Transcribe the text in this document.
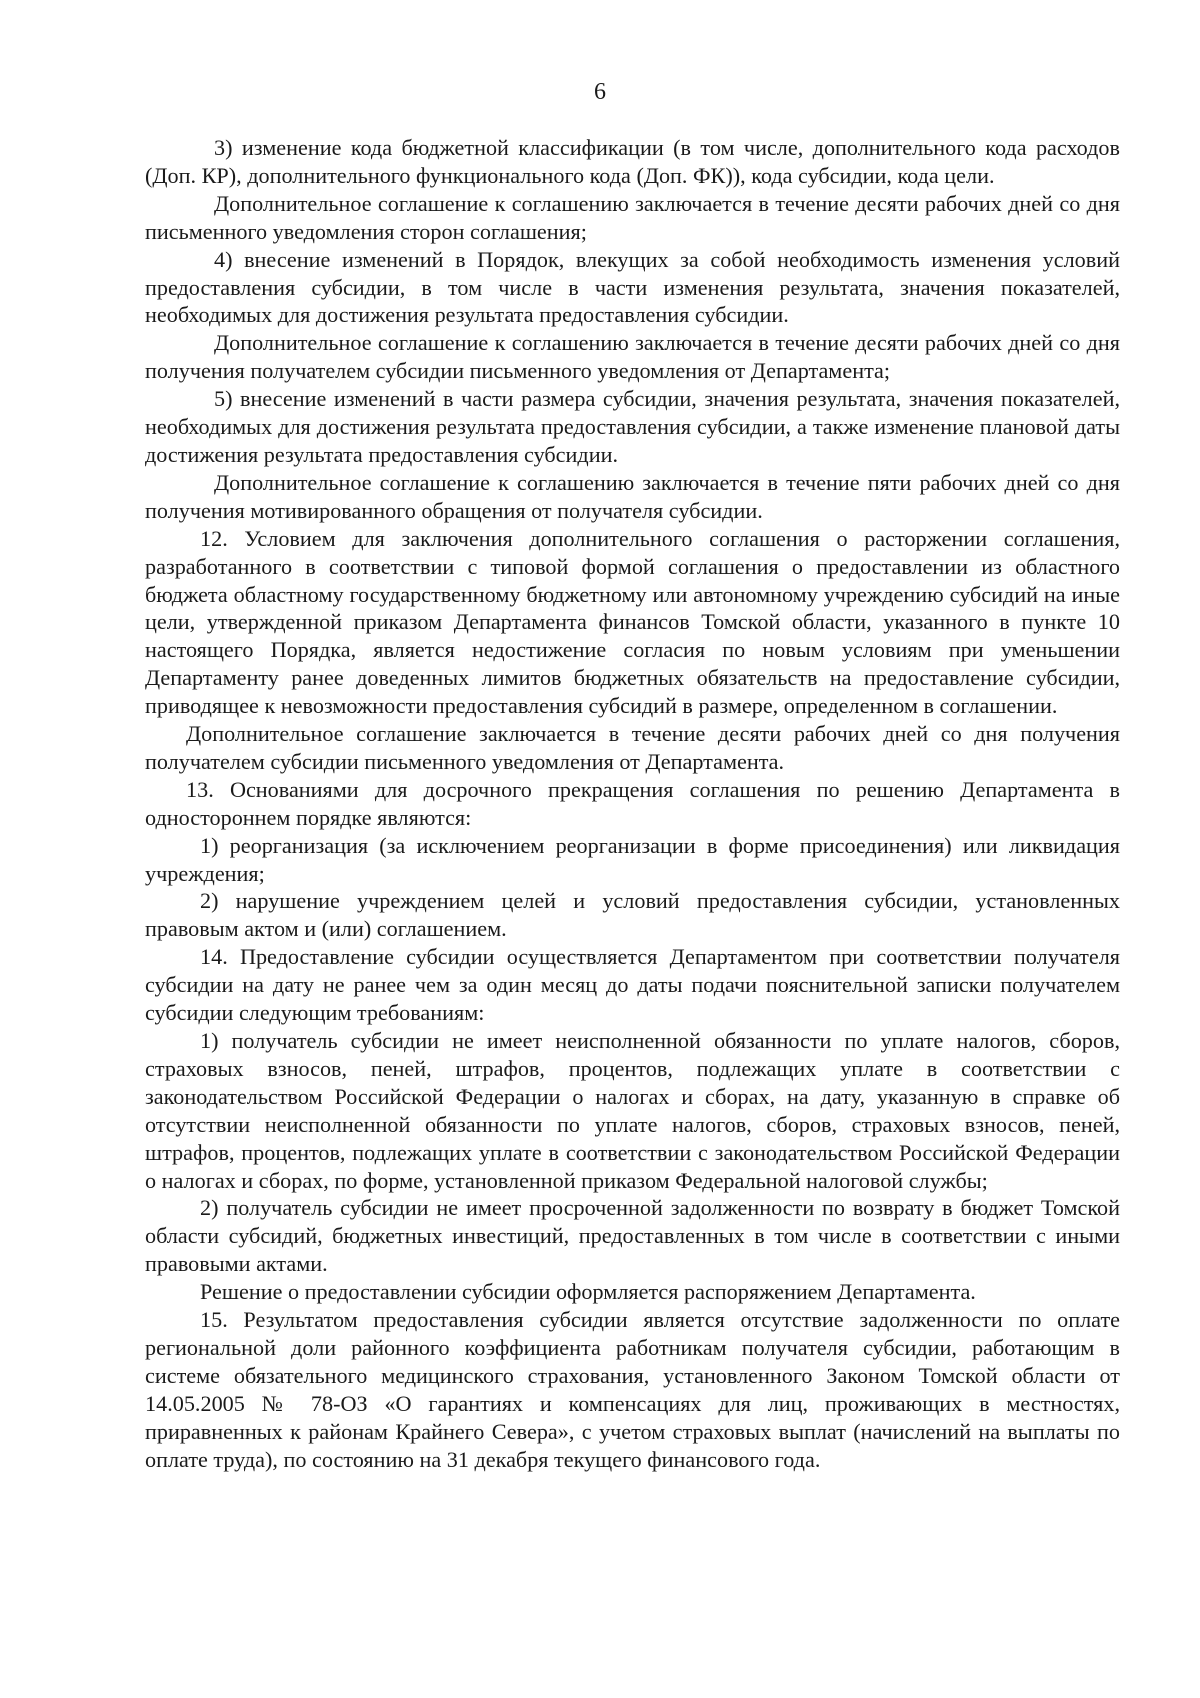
6

3) изменение кода бюджетной классификации (в том числе, дополнительного кода расходов (Доп. КР), дополнительного функционального кода (Доп. ФК)), кода субсидии, кода цели.

Дополнительное соглашение к соглашению заключается в течение десяти рабочих дней со дня письменного уведомления сторон соглашения;

4) внесение изменений в Порядок, влекущих за собой необходимость изменения условий предоставления субсидии, в том числе в части изменения результата, значения показателей, необходимых для достижения результата предоставления субсидии.

Дополнительное соглашение к соглашению заключается в течение десяти рабочих дней со дня получения получателем субсидии письменного уведомления от Департамента;

5) внесение изменений в части размера субсидии, значения результата, значения показателей, необходимых для достижения результата предоставления субсидии, а также изменение плановой даты достижения результата предоставления субсидии.

Дополнительное соглашение к соглашению заключается в течение пяти рабочих дней со дня получения мотивированного обращения от получателя субсидии.

12. Условием для заключения дополнительного соглашения о расторжении соглашения, разработанного в соответствии с типовой формой соглашения о предоставлении из областного бюджета областному государственному бюджетному или автономному учреждению субсидий на иные цели, утвержденной приказом Департамента финансов Томской области, указанного в пункте 10 настоящего Порядка, является недостижение согласия по новым условиям при уменьшении Департаменту ранее доведенных лимитов бюджетных обязательств на предоставление субсидии, приводящее к невозможности предоставления субсидий в размере, определенном в соглашении.

Дополнительное соглашение заключается в течение десяти рабочих дней со дня получения получателем субсидии письменного уведомления от Департамента.

13. Основаниями для досрочного прекращения соглашения по решению Департамента в одностороннем порядке являются:

1) реорганизация (за исключением реорганизации в форме присоединения) или ликвидация учреждения;

2) нарушение учреждением целей и условий предоставления субсидии, установленных правовым актом и (или) соглашением.

14. Предоставление субсидии осуществляется Департаментом при соответствии получателя субсидии на дату не ранее чем за один месяц до даты подачи пояснительной записки получателем субсидии следующим требованиям:

1) получатель субсидии не имеет неисполненной обязанности по уплате налогов, сборов, страховых взносов, пеней, штрафов, процентов, подлежащих уплате в соответствии с законодательством Российской Федерации о налогах и сборах, на дату, указанную в справке об отсутствии неисполненной обязанности по уплате налогов, сборов, страховых взносов, пеней, штрафов, процентов, подлежащих уплате в соответствии с законодательством Российской Федерации о налогах и сборах, по форме, установленной приказом Федеральной налоговой службы;

2) получатель субсидии не имеет просроченной задолженности по возврату в бюджет Томской области субсидий, бюджетных инвестиций, предоставленных в том числе в соответствии с иными правовыми актами.

Решение о предоставлении субсидии оформляется распоряжением Департамента.

15. Результатом предоставления субсидии является отсутствие задолженности по оплате региональной доли районного коэффициента работникам получателя субсидии, работающим в системе обязательного медицинского страхования, установленного Законом Томской области от 14.05.2005 № 78-ОЗ «О гарантиях и компенсациях для лиц, проживающих в местностях, приравненных к районам Крайнего Севера», с учетом страховых выплат (начислений на выплаты по оплате труда), по состоянию на 31 декабря текущего финансового года.
